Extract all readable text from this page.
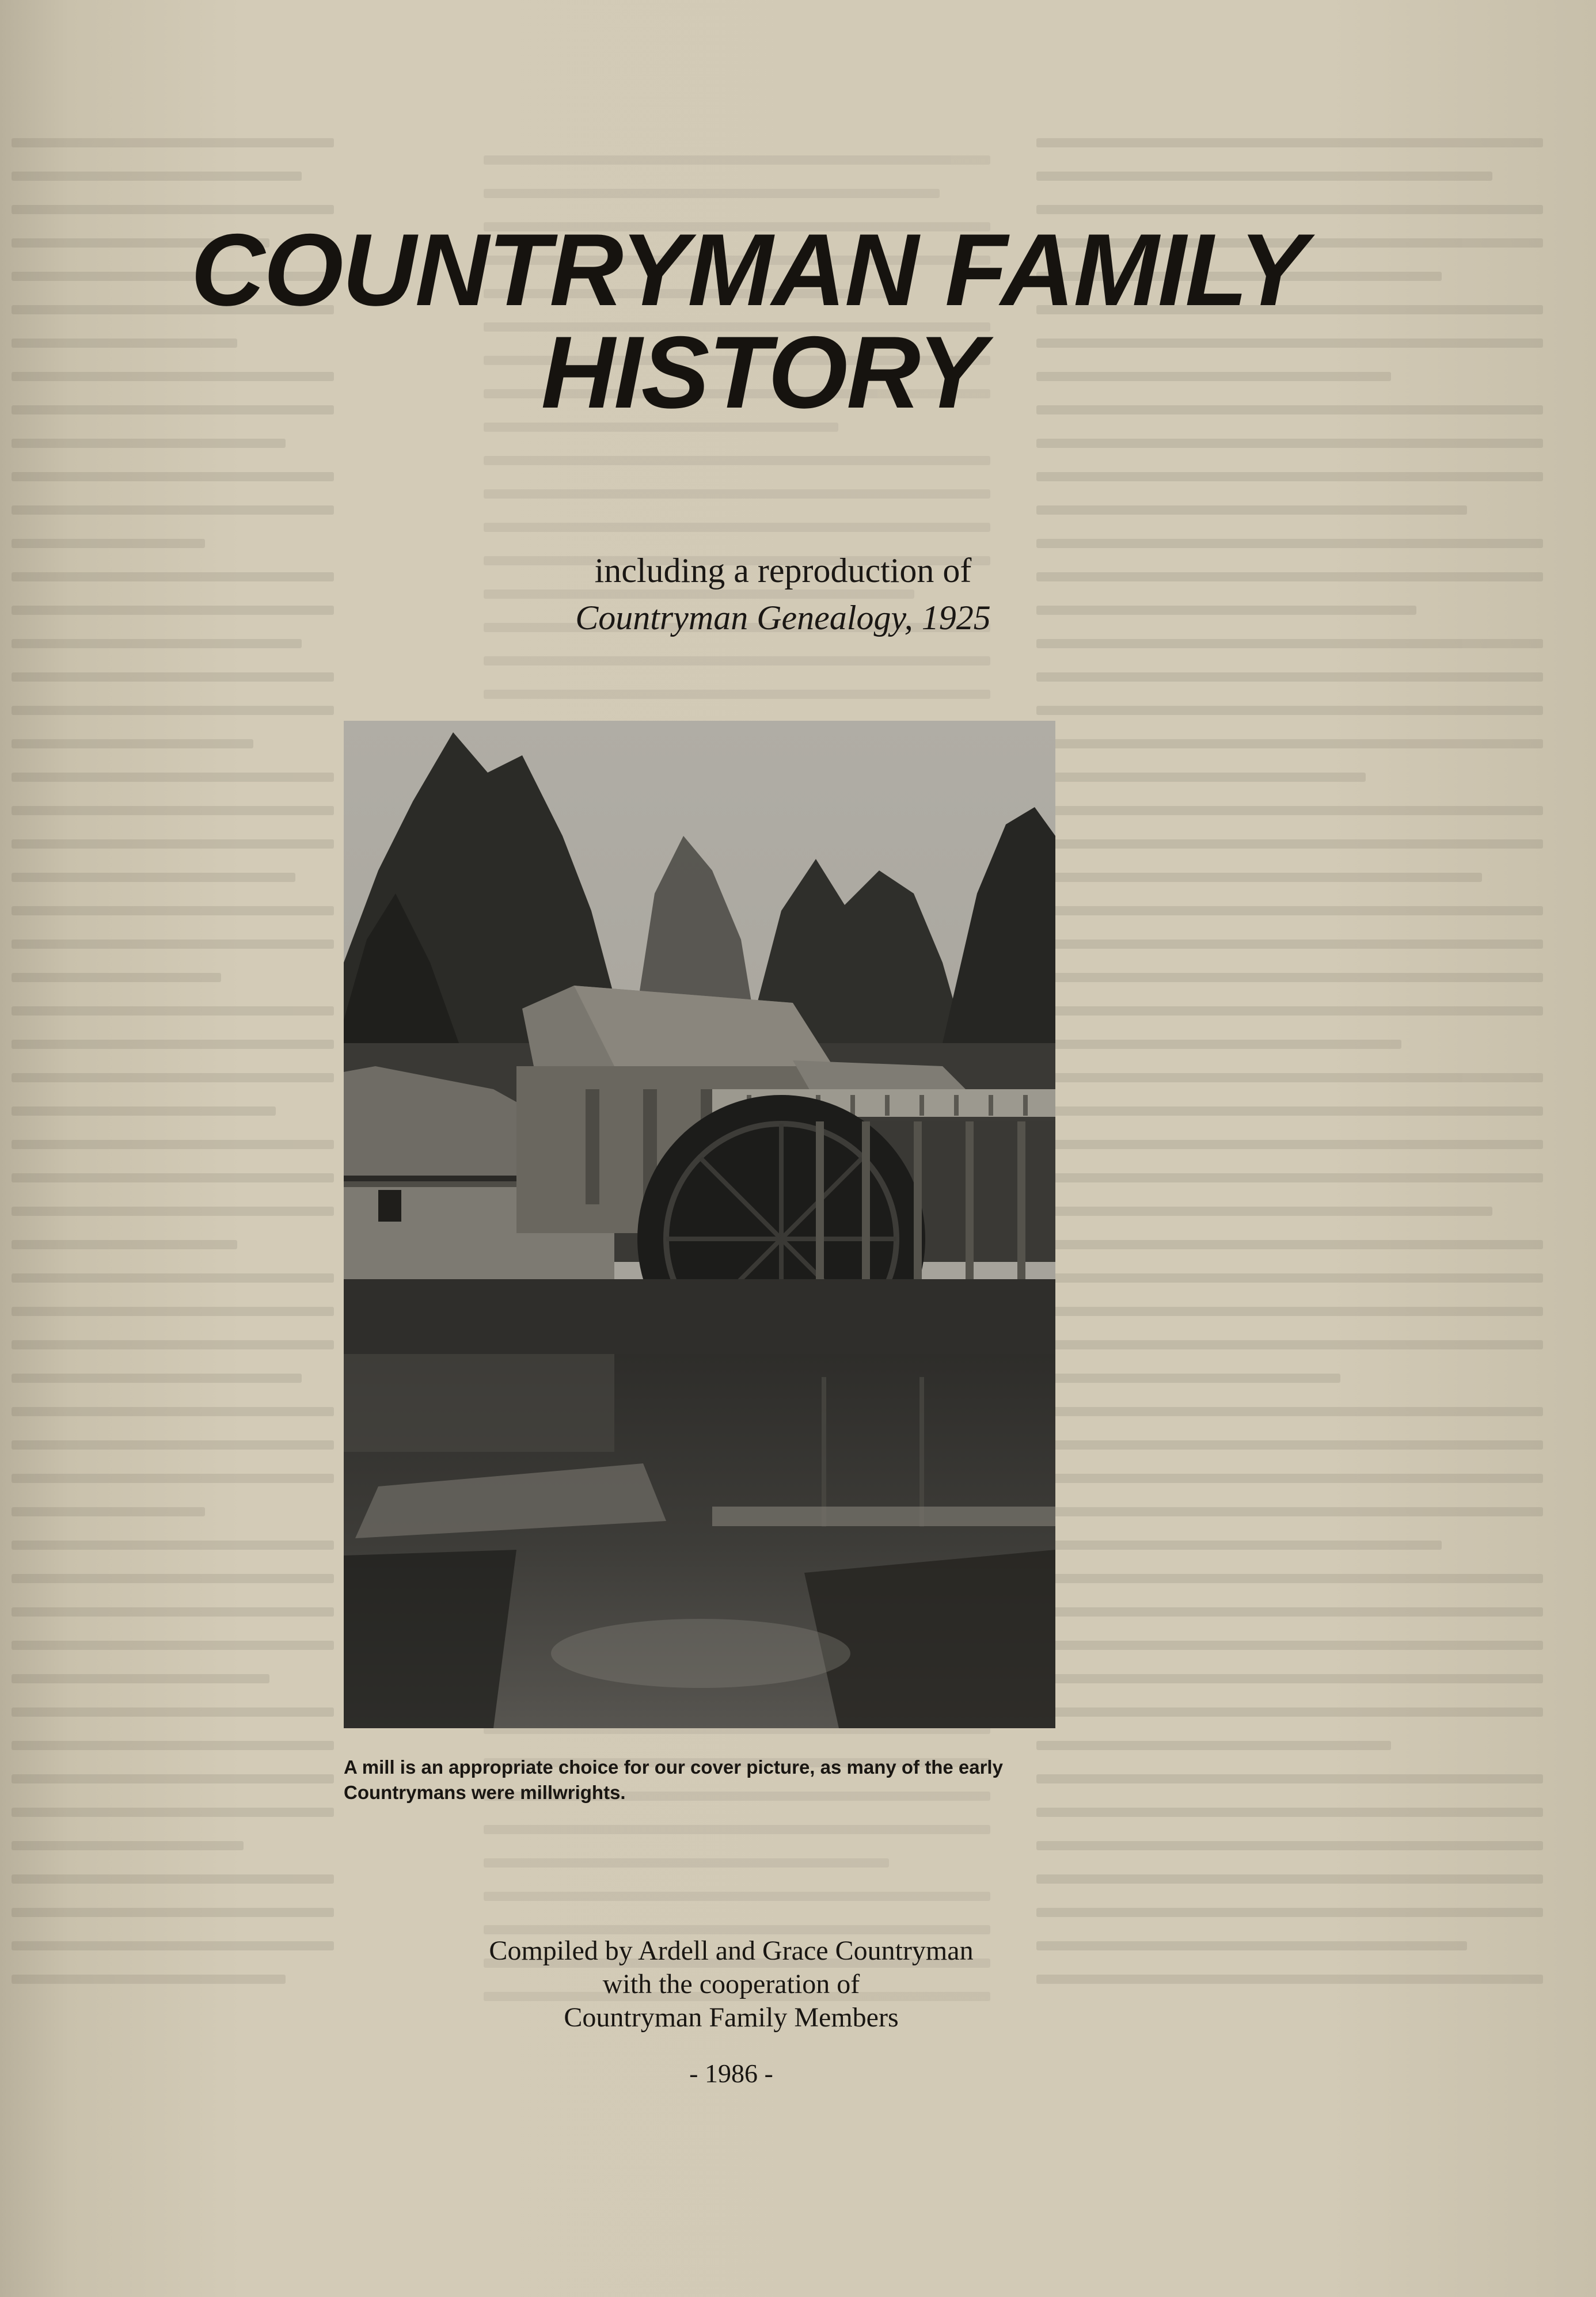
COUNTRYMAN FAMILY
HISTORY
including a reproduction of
Countryman Genealogy, 1925
A mill is an appropriate choice for our cover picture, as many of the early Countrymans were millwrights.
Compiled by Ardell and Grace Countryman
with the cooperation of
Countryman Family Members
- 1986 -
